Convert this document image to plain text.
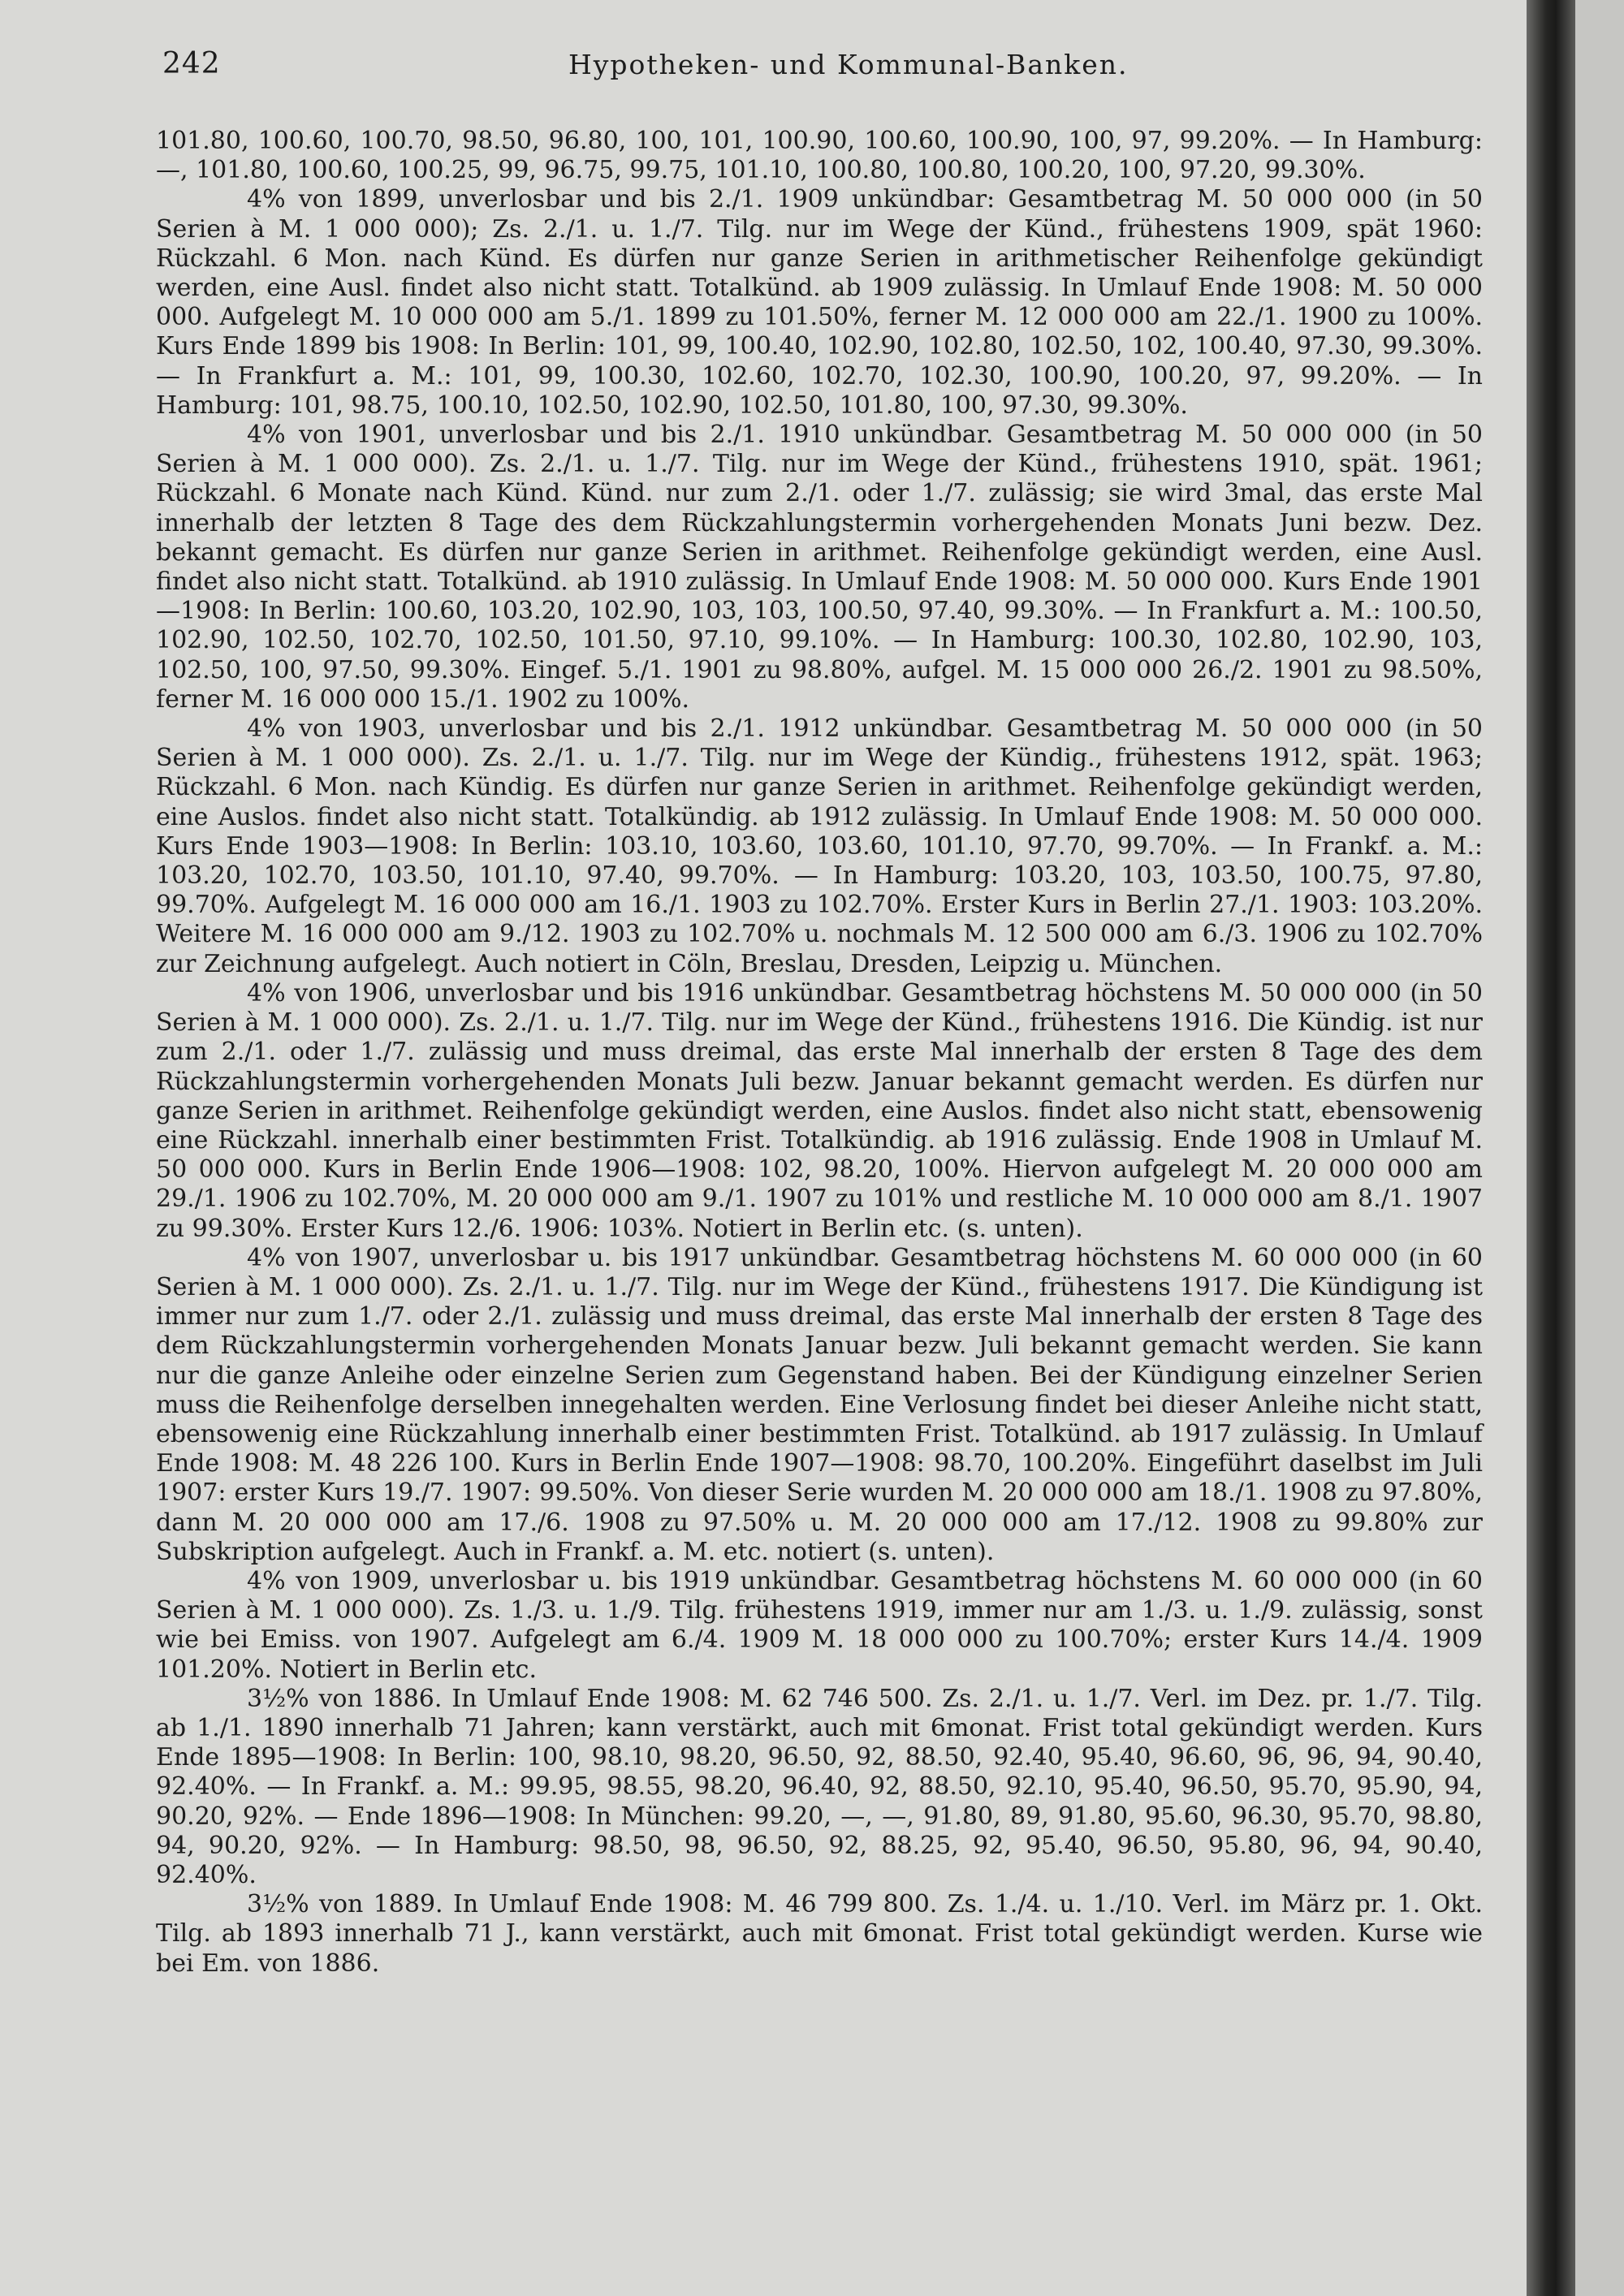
242	Hypotheken- und Kommunal-Banken.

101.80, 100.60, 100.70, 98.50, 96.80, 100, 101, 100.90, 100.60, 100.90, 100, 97, 99.20%. — In Hamburg: —, 101.80, 100.60, 100.25, 99, 96.75, 99.75, 101.10, 100.80, 100.80, 100.20, 100, 97.20, 99.30%.

4% von 1899, unverlosbar und bis 2./1. 1909 unkündbar: Gesamtbetrag M. 50 000 000 (in 50 Serien à M. 1 000 000); Zs. 2./1. u. 1./7. Tilg. nur im Wege der Künd., frühestens 1909, spät 1960: Rückzahl. 6 Mon. nach Künd. Es dürfen nur ganze Serien in arithmetischer Reihenfolge gekündigt werden, eine Ausl. findet also nicht statt. Totalkünd. ab 1909 zulässig. In Umlauf Ende 1908: M. 50 000 000. Aufgelegt M. 10 000 000 am 5./1. 1899 zu 101.50%, ferner M. 12 000 000 am 22./1. 1900 zu 100%. Kurs Ende 1899 bis 1908: In Berlin: 101, 99, 100.40, 102.90, 102.80, 102.50, 102, 100.40, 97.30, 99.30%. — In Frankfurt a. M.: 101, 99, 100.30, 102.60, 102.70, 102.30, 100.90, 100.20, 97, 99.20%. — In Hamburg: 101, 98.75, 100.10, 102.50, 102.90, 102.50, 101.80, 100, 97.30, 99.30%.

4% von 1901, unverlosbar und bis 2./1. 1910 unkündbar. Gesamtbetrag M. 50 000 000 (in 50 Serien à M. 1 000 000). Zs. 2./1. u. 1./7. Tilg. nur im Wege der Künd., frühestens 1910, spät. 1961; Rückzahl. 6 Monate nach Künd. Künd. nur zum 2./1. oder 1./7. zulässig; sie wird 3mal, das erste Mal innerhalb der letzten 8 Tage des dem Rückzahlungstermin vorhergehenden Monats Juni bezw. Dez. bekannt gemacht. Es dürfen nur ganze Serien in arithmet. Reihenfolge gekündigt werden, eine Ausl. findet also nicht statt. Totalkünd. ab 1910 zulässig. In Umlauf Ende 1908: M. 50 000 000. Kurs Ende 1901—1908: In Berlin: 100.60, 103.20, 102.90, 103, 103, 100.50, 97.40, 99.30%. — In Frankfurt a. M.: 100.50, 102.90, 102.50, 102.70, 102.50, 101.50, 97.10, 99.10%. — In Hamburg: 100.30, 102.80, 102.90, 103, 102.50, 100, 97.50, 99.30%. Eingef. 5./1. 1901 zu 98.80%, aufgel. M. 15 000 000 26./2. 1901 zu 98.50%, ferner M. 16 000 000 15./1. 1902 zu 100%.

4% von 1903, unverlosbar und bis 2./1. 1912 unkündbar. Gesamtbetrag M. 50 000 000 (in 50 Serien à M. 1 000 000). Zs. 2./1. u. 1./7. Tilg. nur im Wege der Kündig., frühestens 1912, spät. 1963; Rückzahl. 6 Mon. nach Kündig. Es dürfen nur ganze Serien in arithmet. Reihenfolge gekündigt werden, eine Auslos. findet also nicht statt. Totalkündig. ab 1912 zulässig. In Umlauf Ende 1908: M. 50 000 000. Kurs Ende 1903—1908: In Berlin: 103.10, 103.60, 103.60, 101.10, 97.70, 99.70%. — In Frankf. a. M.: 103.20, 102.70, 103.50, 101.10, 97.40, 99.70%. — In Hamburg: 103.20, 103, 103.50, 100.75, 97.80, 99.70%. Aufgelegt M. 16 000 000 am 16./1. 1903 zu 102.70%. Erster Kurs in Berlin 27./1. 1903: 103.20%. Weitere M. 16 000 000 am 9./12. 1903 zu 102.70% u. nochmals M. 12 500 000 am 6./3. 1906 zu 102.70% zur Zeichnung aufgelegt. Auch notiert in Cöln, Breslau, Dresden, Leipzig u. München.

4% von 1906, unverlosbar und bis 1916 unkündbar. Gesamtbetrag höchstens M. 50 000 000 (in 50 Serien à M. 1 000 000). Zs. 2./1. u. 1./7. Tilg. nur im Wege der Künd., frühestens 1916. Die Kündig. ist nur zum 2./1. oder 1./7. zulässig und muss dreimal, das erste Mal innerhalb der ersten 8 Tage des dem Rückzahlungstermin vorhergehenden Monats Juli bezw. Januar bekannt gemacht werden. Es dürfen nur ganze Serien in arithmet. Reihenfolge gekündigt werden, eine Auslos. findet also nicht statt, ebensowenig eine Rückzahl. innerhalb einer bestimmten Frist. Totalkündig. ab 1916 zulässig. Ende 1908 in Umlauf M. 50 000 000. Kurs in Berlin Ende 1906—1908: 102, 98.20, 100%. Hiervon aufgelegt M. 20 000 000 am 29./1. 1906 zu 102.70%, M. 20 000 000 am 9./1. 1907 zu 101% und restliche M. 10 000 000 am 8./1. 1907 zu 99.30%. Erster Kurs 12./6. 1906: 103%. Notiert in Berlin etc. (s. unten).

4% von 1907, unverlosbar u. bis 1917 unkündbar. Gesamtbetrag höchstens M. 60 000 000 (in 60 Serien à M. 1 000 000). Zs. 2./1. u. 1./7. Tilg. nur im Wege der Künd., frühestens 1917. Die Kündigung ist immer nur zum 1./7. oder 2./1. zulässig und muss dreimal, das erste Mal innerhalb der ersten 8 Tage des dem Rückzahlungstermin vorhergehenden Monats Januar bezw. Juli bekannt gemacht werden. Sie kann nur die ganze Anleihe oder einzelne Serien zum Gegenstand haben. Bei der Kündigung einzelner Serien muss die Reihenfolge derselben innegehalten werden. Eine Verlosung findet bei dieser Anleihe nicht statt, ebensowenig eine Rückzahlung innerhalb einer bestimmten Frist. Totalkünd. ab 1917 zulässig. In Umlauf Ende 1908: M. 48 226 100. Kurs in Berlin Ende 1907—1908: 98.70, 100.20%. Eingeführt daselbst im Juli 1907: erster Kurs 19./7. 1907: 99.50%. Von dieser Serie wurden M. 20 000 000 am 18./1. 1908 zu 97.80%, dann M. 20 000 000 am 17./6. 1908 zu 97.50% u. M. 20 000 000 am 17./12. 1908 zu 99.80% zur Subskription aufgelegt. Auch in Frankf. a. M. etc. notiert (s. unten).

4% von 1909, unverlosbar u. bis 1919 unkündbar. Gesamtbetrag höchstens M. 60 000 000 (in 60 Serien à M. 1 000 000). Zs. 1./3. u. 1./9. Tilg. frühestens 1919, immer nur am 1./3. u. 1./9. zulässig, sonst wie bei Emiss. von 1907. Aufgelegt am 6./4. 1909 M. 18 000 000 zu 100.70%; erster Kurs 14./4. 1909 101.20%. Notiert in Berlin etc.

3½% von 1886. In Umlauf Ende 1908: M. 62 746 500. Zs. 2./1. u. 1./7. Verl. im Dez. pr. 1./7. Tilg. ab 1./1. 1890 innerhalb 71 Jahren; kann verstärkt, auch mit 6monat. Frist total gekündigt werden. Kurs Ende 1895—1908: In Berlin: 100, 98.10, 98.20, 96.50, 92, 88.50, 92.40, 95.40, 96.60, 96, 96, 94, 90.40, 92.40%. — In Frankf. a. M.: 99.95, 98.55, 98.20, 96.40, 92, 88.50, 92.10, 95.40, 96.50, 95.70, 95.90, 94, 90.20, 92%. — Ende 1896—1908: In München: 99.20, —, —, 91.80, 89, 91.80, 95.60, 96.30, 95.70, 98.80, 94, 90.20, 92%. — In Hamburg: 98.50, 98, 96.50, 92, 88.25, 92, 95.40, 96.50, 95.80, 96, 94, 90.40, 92.40%.

3½% von 1889. In Umlauf Ende 1908: M. 46 799 800. Zs. 1./4. u. 1./10. Verl. im März pr. 1. Okt. Tilg. ab 1893 innerhalb 71 J., kann verstärkt, auch mit 6monat. Frist total gekündigt werden. Kurse wie bei Em. von 1886.
